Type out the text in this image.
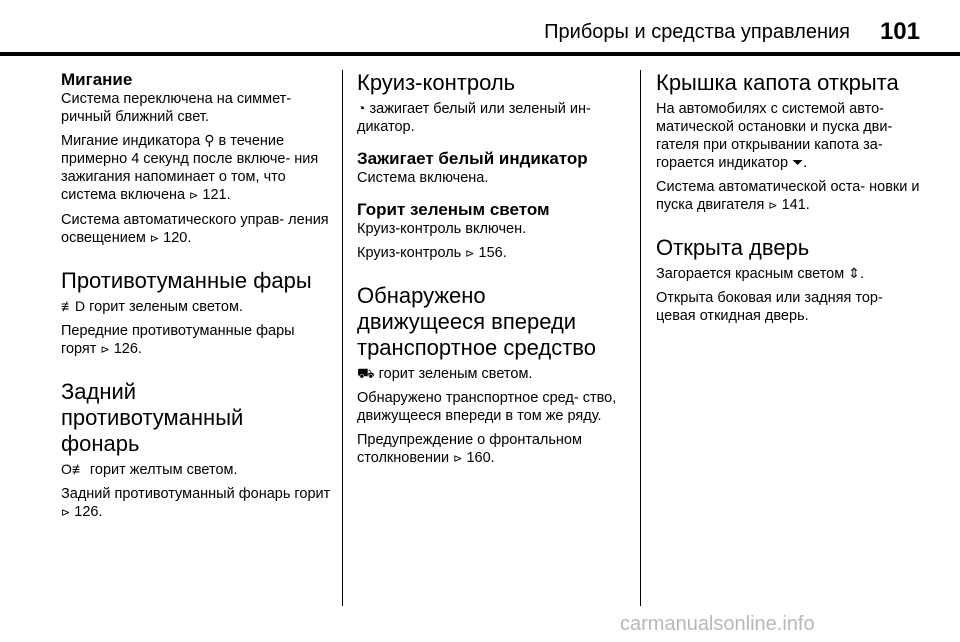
Приборы и средства управления 101
Мигание

Система переключена на симмет- ричный ближний свет.

Мигание индикатора ⚲ в течение примерно 4 секунд после включе- ния зажигания напоминает о том, что система включена ⊳ 121.

Система автоматического управ- ления освещением ⊳ 120.

Противотуманные фары

≢D горит зеленым светом.

Передние противотуманные фары горят ⊳ 126.

Задний
противотуманный
фонарь

O≢ горит желтым светом.

Задний противотуманный фонарь горит ⊳ 126.

Круиз-контроль

◔ зажигает белый или зеленый ин- дикатор.

Зажигает белый индикатор

Система включена.

Горит зеленым светом

Круиз-контроль включен.

Круиз-контроль ⊳ 156.

Обнаружено
движущееся впереди
транспортное средство

⛟ горит зеленым светом.

Обнаружено транспортное сред- ство, движущееся впереди в том же ряду.

Предупреждение о фронтальном столкновении ⊳ 160.

Крышка капота открыта

На автомобилях с системой авто- матической остановки и пуска дви- гателя при открывании капота за- горается индикатор ⏷.

Система автоматической оста- новки и пуска двигателя ⊳ 141.

Открыта дверь

Загорается красным светом ⇕.

Открыта боковая или задняя тор- цевая откидная дверь.

carmanualsonline.info
